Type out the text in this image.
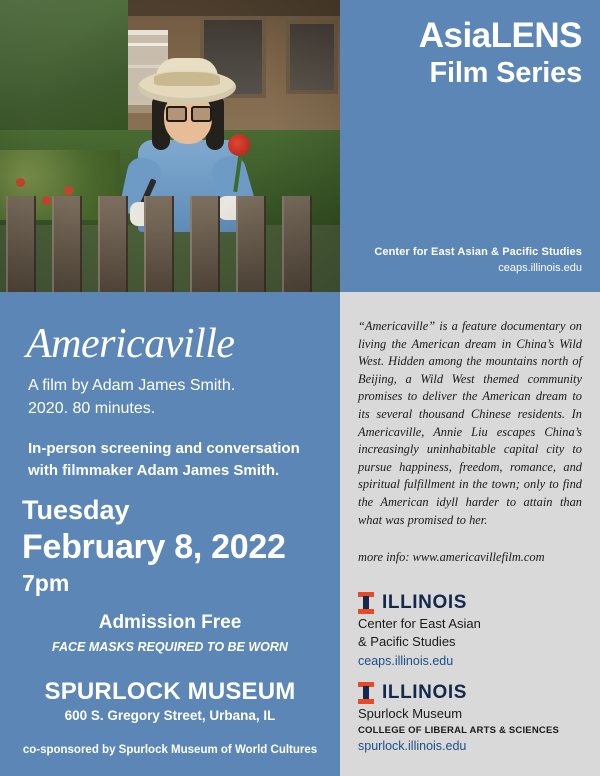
AsiaLENS
Film Series
Center for East Asian & Pacific Studies
ceaps.illinois.edu
Americaville
A film by Adam James Smith.
2020. 80 minutes.
In-person screening and conversation
with filmmaker Adam James Smith.
Tuesday
February 8, 2022
7pm
Admission Free
FACE MASKS REQUIRED TO BE WORN
SPURLOCK MUSEUM
600 S. Gregory Street, Urbana, IL
co-sponsored by Spurlock Museum of World Cultures
“Americaville” is a feature documentary on living the American dream in China’s Wild West. Hidden among the mountains north of Beijing, a Wild West themed community promises to deliver the American dream to its several thousand Chinese residents. In Americaville, Annie Liu escapes China’s increasingly uninhabitable capital city to pursue happiness, freedom, romance, and spiritual fulfillment in the town; only to find the American idyll harder to attain than what was promised to her.
more info: www.americavillefilm.com
ILLINOIS
Center for East Asian
& Pacific Studies
ceaps.illinois.edu
ILLINOIS
Spurlock Museum
COLLEGE OF LIBERAL ARTS & SCIENCES
spurlock.illinois.edu
